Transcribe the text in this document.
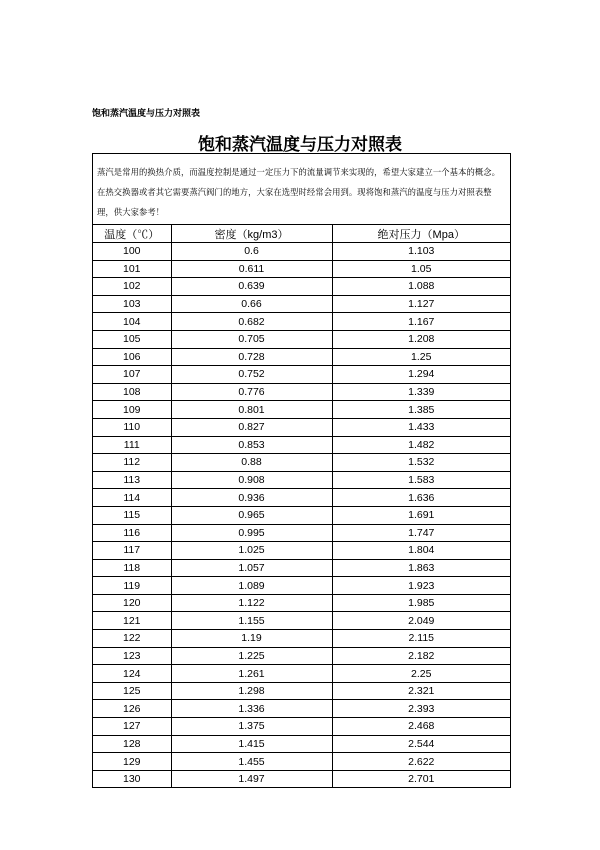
饱和蒸汽温度与压力对照表
饱和蒸汽温度与压力对照表
蒸汽是常用的换热介质，而温度控制是通过一定压力下的流量调节来实现的，希望大家建立一个基本的概念。在热交换器或者其它需要蒸汽阀门的地方，大家在选型时经常会用到。现将饱和蒸汽的温度与压力对照表整理，供大家参考！
温度（℃）	密度（kg/m3）	绝对压力（Mpa）
100	0.6	1.103
101	0.611	1.05
102	0.639	1.088
103	0.66	1.127
104	0.682	1.167
105	0.705	1.208
106	0.728	1.25
107	0.752	1.294
108	0.776	1.339
109	0.801	1.385
110	0.827	1.433
111	0.853	1.482
112	0.88	1.532
113	0.908	1.583
114	0.936	1.636
115	0.965	1.691
116	0.995	1.747
117	1.025	1.804
118	1.057	1.863
119	1.089	1.923
120	1.122	1.985
121	1.155	2.049
122	1.19	2.115
123	1.225	2.182
124	1.261	2.25
125	1.298	2.321
126	1.336	2.393
127	1.375	2.468
128	1.415	2.544
129	1.455	2.622
130	1.497	2.701
